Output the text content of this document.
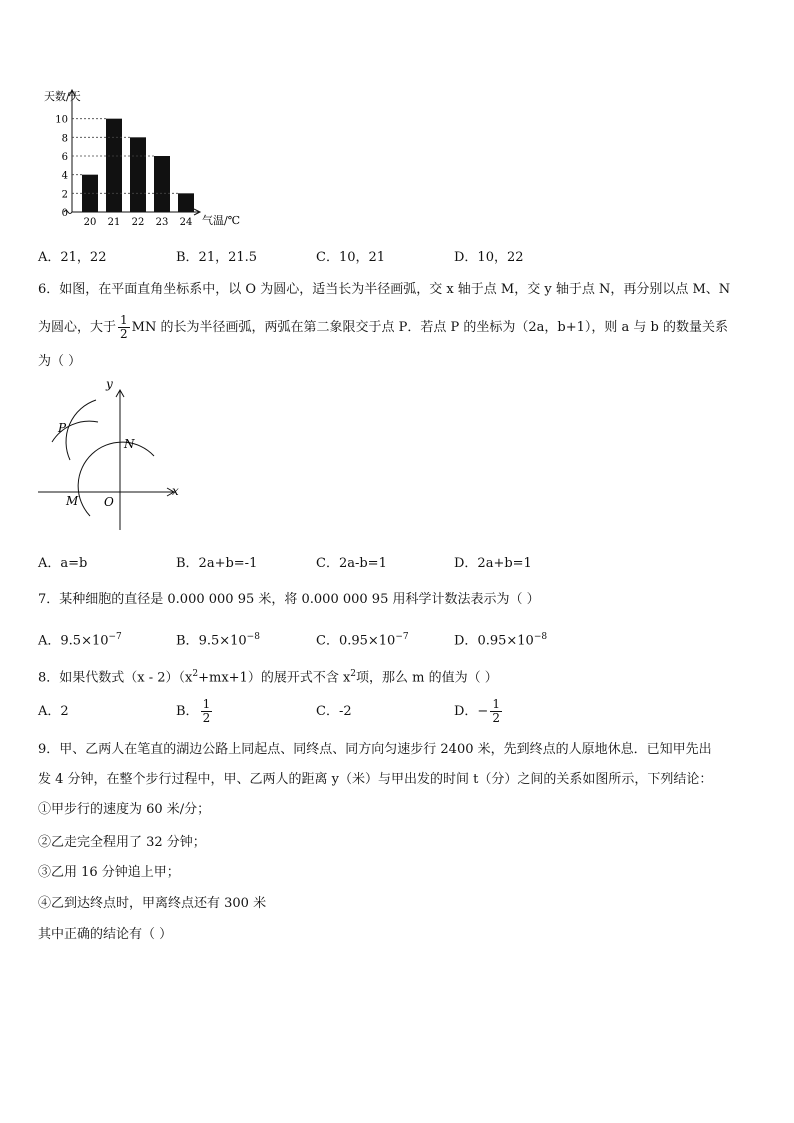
0
2
4
6
8
10
20 21 22 23 24
天数/天
气温/℃
A．21，22	B．21，21.5	C．10，21	D．10，22
6．如图，在平面直角坐标系中，以 O 为圆心，适当长为半径画弧，交 x 轴于点 M，交 y 轴于点 N，再分别以点 M、N
为圆心，大于 $\frac{1}{2}$ MN 的长为半径画弧，两弧在第二象限交于点 P．若点 P 的坐标为（2a，b+1），则 a 与 b 的数量关系
为（ ）
y
x
P
N
M O
A．a=b	B．2a+b=-1	C．2a-b=1	D．2a+b=1
7．某种细胞的直径是 0.000 000 95 米，将 0.000 000 95 用科学计数法表示为（ ）
A．$9.5\times 10^{-7}$	B．$9.5\times 10^{-8}$	C．$0.95\times 10^{-7}$	D．$0.95\times 10^{-8}$
8．如果代数式$(x - 2)(x^2+mx+1)$的展开式不含 $x^2$项，那么 m 的值为（ ）
A．2	B． $\frac{1}{2}$	C．-2	D．− $\frac{1}{2}$
9．甲、乙两人在笔直的湖边公路上同起点、同终点、同方向匀速步行 2400 米，先到终点的人原地休息．已知甲先出
发 4 分钟，在整个步行过程中，甲、乙两人的距离 y（米）与甲出发的时间 t（分）之间的关系如图所示，下列结论：
①甲步行的速度为 60 米/分；
②乙走完全程用了 32 分钟；
③乙用 16 分钟追上甲；
④乙到达终点时，甲离终点还有 300 米
其中正确的结论有（ ）
